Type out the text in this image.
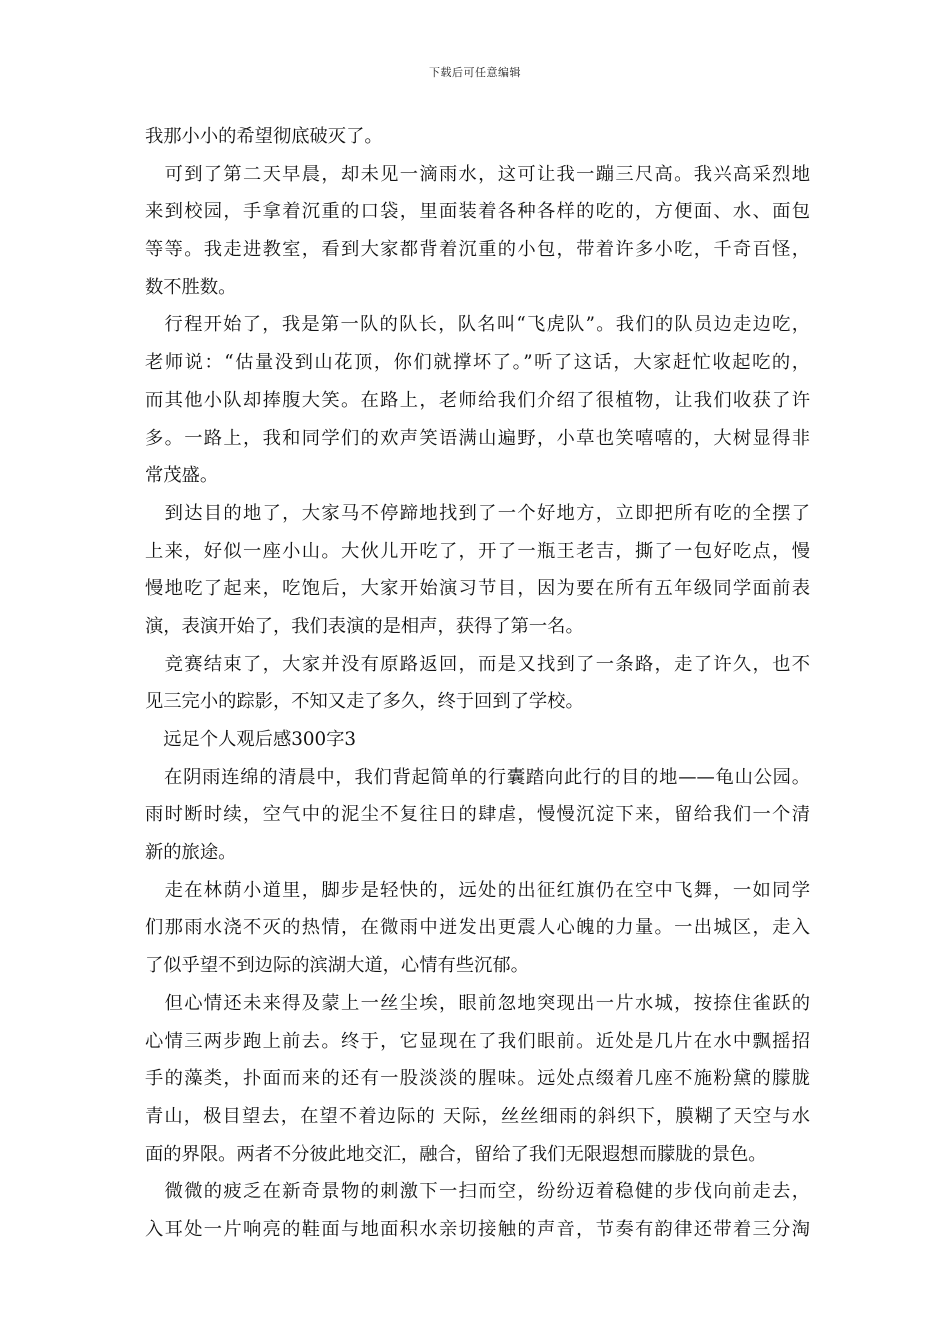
下载后可任意编辑
我那小小的希望彻底破灭了。
　可到了第二天早晨，却未见一滴雨水，这可让我一蹦三尺高。我兴高采烈地
来到校园，手拿着沉重的口袋，里面装着各种各样的吃的，方便面、水、面包
等等。我走进教室，看到大家都背着沉重的小包，带着许多小吃，千奇百怪，
数不胜数。
　行程开始了，我是第一队的队长，队名叫“飞虎队”。我们的队员边走边吃，
老师说：“估量没到山花顶，你们就撑坏了。”听了这话，大家赶忙收起吃的，
而其他小队却捧腹大笑。在路上，老师给我们介绍了很植物，让我们收获了许
多。一路上，我和同学们的欢声笑语满山遍野，小草也笑嘻嘻的，大树显得非
常茂盛。
　到达目的地了，大家马不停蹄地找到了一个好地方，立即把所有吃的全摆了
上来，好似一座小山。大伙儿开吃了，开了一瓶王老吉，撕了一包好吃点，慢
慢地吃了起来，吃饱后，大家开始演习节目，因为要在所有五年级同学面前表
演，表演开始了，我们表演的是相声，获得了第一名。
　竞赛结束了，大家并没有原路返回，而是又找到了一条路，走了许久，也不
见三完小的踪影，不知又走了多久，终于回到了学校。
　远足个人观后感300字3
　在阴雨连绵的清晨中，我们背起简单的行囊踏向此行的目的地——龟山公园。
雨时断时续，空气中的泥尘不复往日的肆虐，慢慢沉淀下来，留给我们一个清
新的旅途。
　走在林荫小道里，脚步是轻快的，远处的出征红旗仍在空中飞舞，一如同学
们那雨水浇不灭的热情，在微雨中迸发出更震人心魄的力量。一出城区，走入
了似乎望不到边际的滨湖大道，心情有些沉郁。
　但心情还未来得及蒙上一丝尘埃，眼前忽地突现出一片水城，按捺住雀跃的
心情三两步跑上前去。终于，它显现在了我们眼前。近处是几片在水中飘摇招
手的藻类，扑面而来的还有一股淡淡的腥味。远处点缀着几座不施粉黛的朦胧
青山，极目望去，在望不着边际的 天际，丝丝细雨的斜织下，膜糊了天空与水
面的界限。两者不分彼此地交汇，融合，留给了我们无限遐想而朦胧的景色。
　微微的疲乏在新奇景物的刺激下一扫而空，纷纷迈着稳健的步伐向前走去，
入耳处一片响亮的鞋面与地面积水亲切接触的声音，节奏有韵律还带着三分淘
